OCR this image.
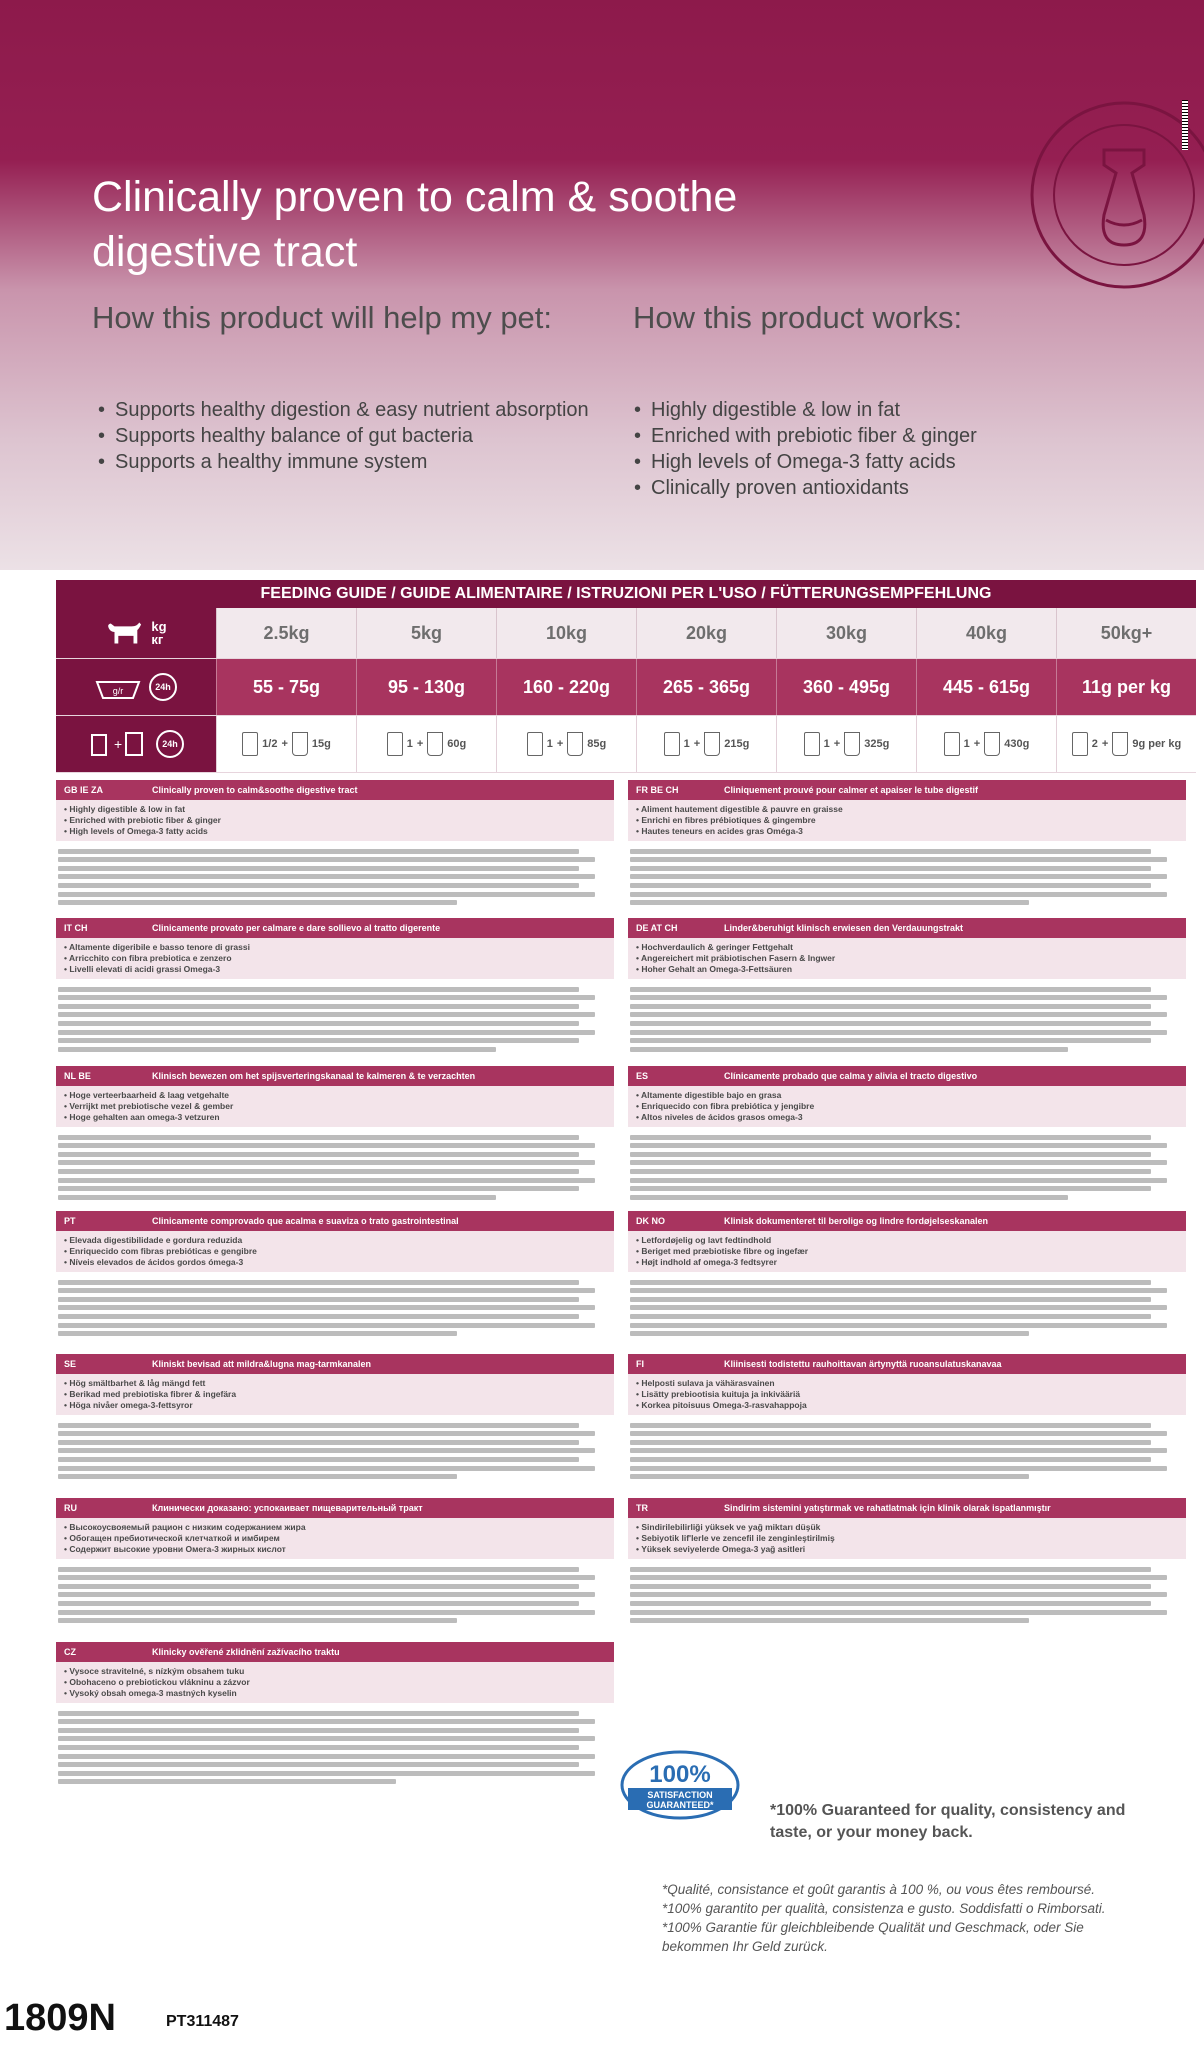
Clinically proven to calm & soothe digestive tract
How this product will help my pet:	How this product works:
• Supports healthy digestion & easy nutrient absorption
• Supports healthy balance of gut bacteria
• Supports a healthy immune system
• Highly digestible & low in fat
• Enriched with prebiotic fiber & ginger
• High levels of Omega-3 fatty acids
• Clinically proven antioxidants
FEEDING GUIDE / GUIDE ALIMENTAIRE / ISTRUZIONI PER L'USO / FÜTTERUNGSEMPFEHLUNG
kg
кг	2.5kg	5kg	10kg	20kg	30kg	40kg	50kg+
g/r	24h	55 - 75g	95 - 130g	160 - 220g	265 - 365g	360 - 495g	445 - 615g	11g per kg
+	24h	1/2 + 15g	1 + 60g	1 + 85g	1 + 215g	1 + 325g	1 + 430g	2 + 9g per kg
GB IE ZA	Clinically proven to calm&soothe digestive tract
• Highly digestible & low in fat
• Enriched with prebiotic fiber & ginger
• High levels of Omega-3 fatty acids
FR BE CH	Cliniquement prouvé pour calmer et apaiser le tube digestif
• Aliment hautement digestible & pauvre en graisse
• Enrichi en fibres prébiotiques & gingembre
• Hautes teneurs en acides gras Oméga-3
IT CH	Clinicamente provato per calmare e dare sollievo al tratto digerente
• Altamente digeribile e basso tenore di grassi
• Arricchito con fibra prebiotica e zenzero
• Livelli elevati di acidi grassi Omega-3
DE AT CH	Linder&beruhigt klinisch erwiesen den Verdauungstrakt
• Hochverdaulich & geringer Fettgehalt
• Angereichert mit präbiotischen Fasern & Ingwer
• Hoher Gehalt an Omega-3-Fettsäuren
NL BE	Klinisch bewezen om het spijsverteringskanaal te kalmeren & te verzachten
• Hoge verteerbaarheid & laag vetgehalte
• Verrijkt met prebiotische vezel & gember
• Hoge gehalten aan omega-3 vetzuren
ES	Clínicamente probado que calma y alivia el tracto digestivo
• Altamente digestible bajo en grasa
• Enriquecido con fibra prebiótica y jengibre
• Altos niveles de ácidos grasos omega-3
PT	Clinicamente comprovado que acalma e suaviza o trato gastrointestinal
• Elevada digestibilidade e gordura reduzida
• Enriquecido com fibras prebióticas e gengibre
• Níveis elevados de ácidos gordos ómega-3
DK NO	Klinisk dokumenteret til berolige og lindre fordøjelseskanalen
• Letfordøjelig og lavt fedtindhold
• Beriget med præbiotiske fibre og ingefær
• Højt indhold af omega-3 fedtsyrer
SE	Kliniskt bevisad att mildra&lugna mag-tarmkanalen
• Hög smältbarhet & låg mängd fett
• Berikad med prebiotiska fibrer & ingefära
• Höga nivåer omega-3-fettsyror
FI	Kliinisesti todistettu rauhoittavan ärtynyttä ruoansulatuskanavaa
• Helposti sulava ja vähärasvainen
• Lisätty prebiootisia kuituja ja inkivääriä
• Korkea pitoisuus Omega-3-rasvahappoja
RU	Клинически доказано: успокаивает пищеварительный тракт
• Высокоусвояемый рацион с низким содержанием жира
• Обогащен пребиотической клетчаткой и имбирем
• Содержит высокие уровни Омега-3 жирных кислот
TR	Sindirim sistemini yatıştırmak ve rahatlatmak için klinik olarak ispatlanmıştır
• Sindirilebilirliği yüksek ve yağ miktarı düşük
• Sebiyotik lif'lerle ve zencefil ile zenginleştirilmiş
• Yüksek seviyelerde Omega-3 yağ asitleri
CZ	Klinicky ověřené zklidnění zažívacího traktu
• Vysoce stravitelné, s nízkým obsahem tuku
• Obohaceno o prebiotickou vlákninu a zázvor
• Vysoký obsah omega-3 mastných kyselin
100%
SATISFACTION
GUARANTEED*	*100% Guaranteed for quality, consistency and taste, or your money back.
*Qualité, consistance et goût garantis à 100 %, ou vous êtes remboursé.
*100% garantito per qualità, consistenza e gusto. Soddisfatti o Rimborsati.
*100% Garantie für gleichbleibende Qualität und Geschmack, oder Sie bekommen Ihr Geld zurück.
1809N	PT311487
